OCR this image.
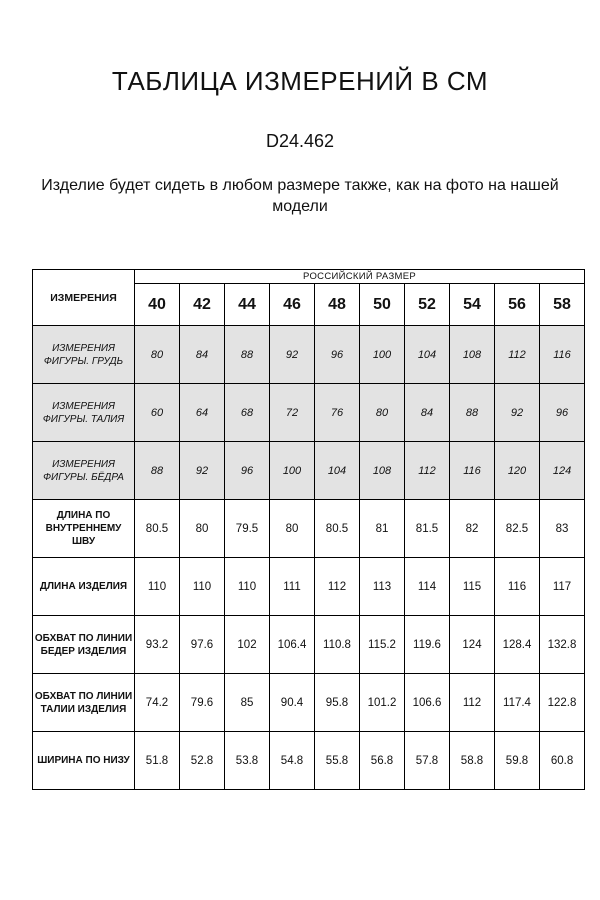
ТАБЛИЦА ИЗМЕРЕНИЙ В СМ
D24.462
Изделие будет сидеть в любом размере также, как на фото на нашей модели
ИЗМЕРЕНИЯ	РОССИЙСКИЙ РАЗМЕР									
	40	42	44	46	48	50	52	54	56	58
ИЗМЕРЕНИЯ ФИГУРЫ. ГРУДЬ	80	84	88	92	96	100	104	108	112	116
ИЗМЕРЕНИЯ ФИГУРЫ. ТАЛИЯ	60	64	68	72	76	80	84	88	92	96
ИЗМЕРЕНИЯ ФИГУРЫ. БЁДРА	88	92	96	100	104	108	112	116	120	124
ДЛИНА ПО ВНУТРЕННЕМУ ШВУ	80.5	80	79.5	80	80.5	81	81.5	82	82.5	83
ДЛИНА ИЗДЕЛИЯ	110	110	110	111	112	113	114	115	116	117
ОБХВАТ ПО ЛИНИИ БЕДЕР ИЗДЕЛИЯ	93.2	97.6	102	106.4	110.8	115.2	119.6	124	128.4	132.8
ОБХВАТ ПО ЛИНИИ ТАЛИИ ИЗДЕЛИЯ	74.2	79.6	85	90.4	95.8	101.2	106.6	112	117.4	122.8
ШИРИНА ПО НИЗУ	51.8	52.8	53.8	54.8	55.8	56.8	57.8	58.8	59.8	60.8
